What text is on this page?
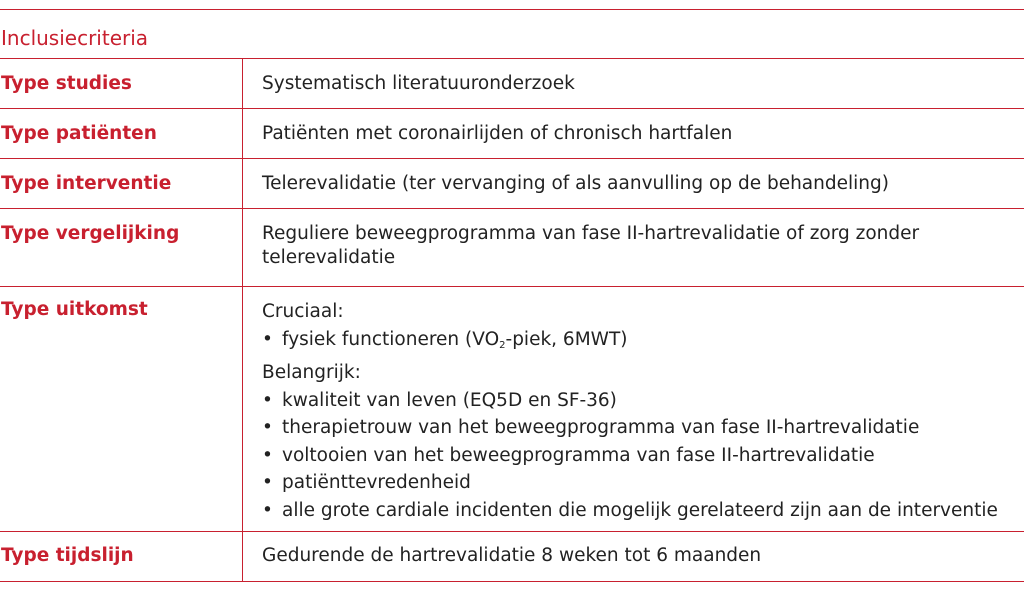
Inclusiecriteria
Type studies	Systematisch literatuuronderzoek
Type patiënten	Patiënten met coronairlijden of chronisch hartfalen
Type interventie	Telerevalidatie (ter vervanging of als aanvulling op de behandeling)
Type vergelijking	Reguliere beweegprogramma van fase II-hartrevalidatie of zorg zonder telerevalidatie
Type uitkomst	Cruciaal:
• fysiek functioneren ($VO_2$-piek, 6MWT)
Belangrijk:
• kwaliteit van leven (EQ5D en SF-36)
• therapietrouw van het beweegprogramma van fase II-hartrevalidatie
• voltooien van het beweegprogramma van fase II-hartrevalidatie
• patiënttevredenheid
• alle grote cardiale incidenten die mogelijk gerelateerd zijn aan de interventie
Type tijdslijn	Gedurende de hartrevalidatie 8 weken tot 6 maanden
